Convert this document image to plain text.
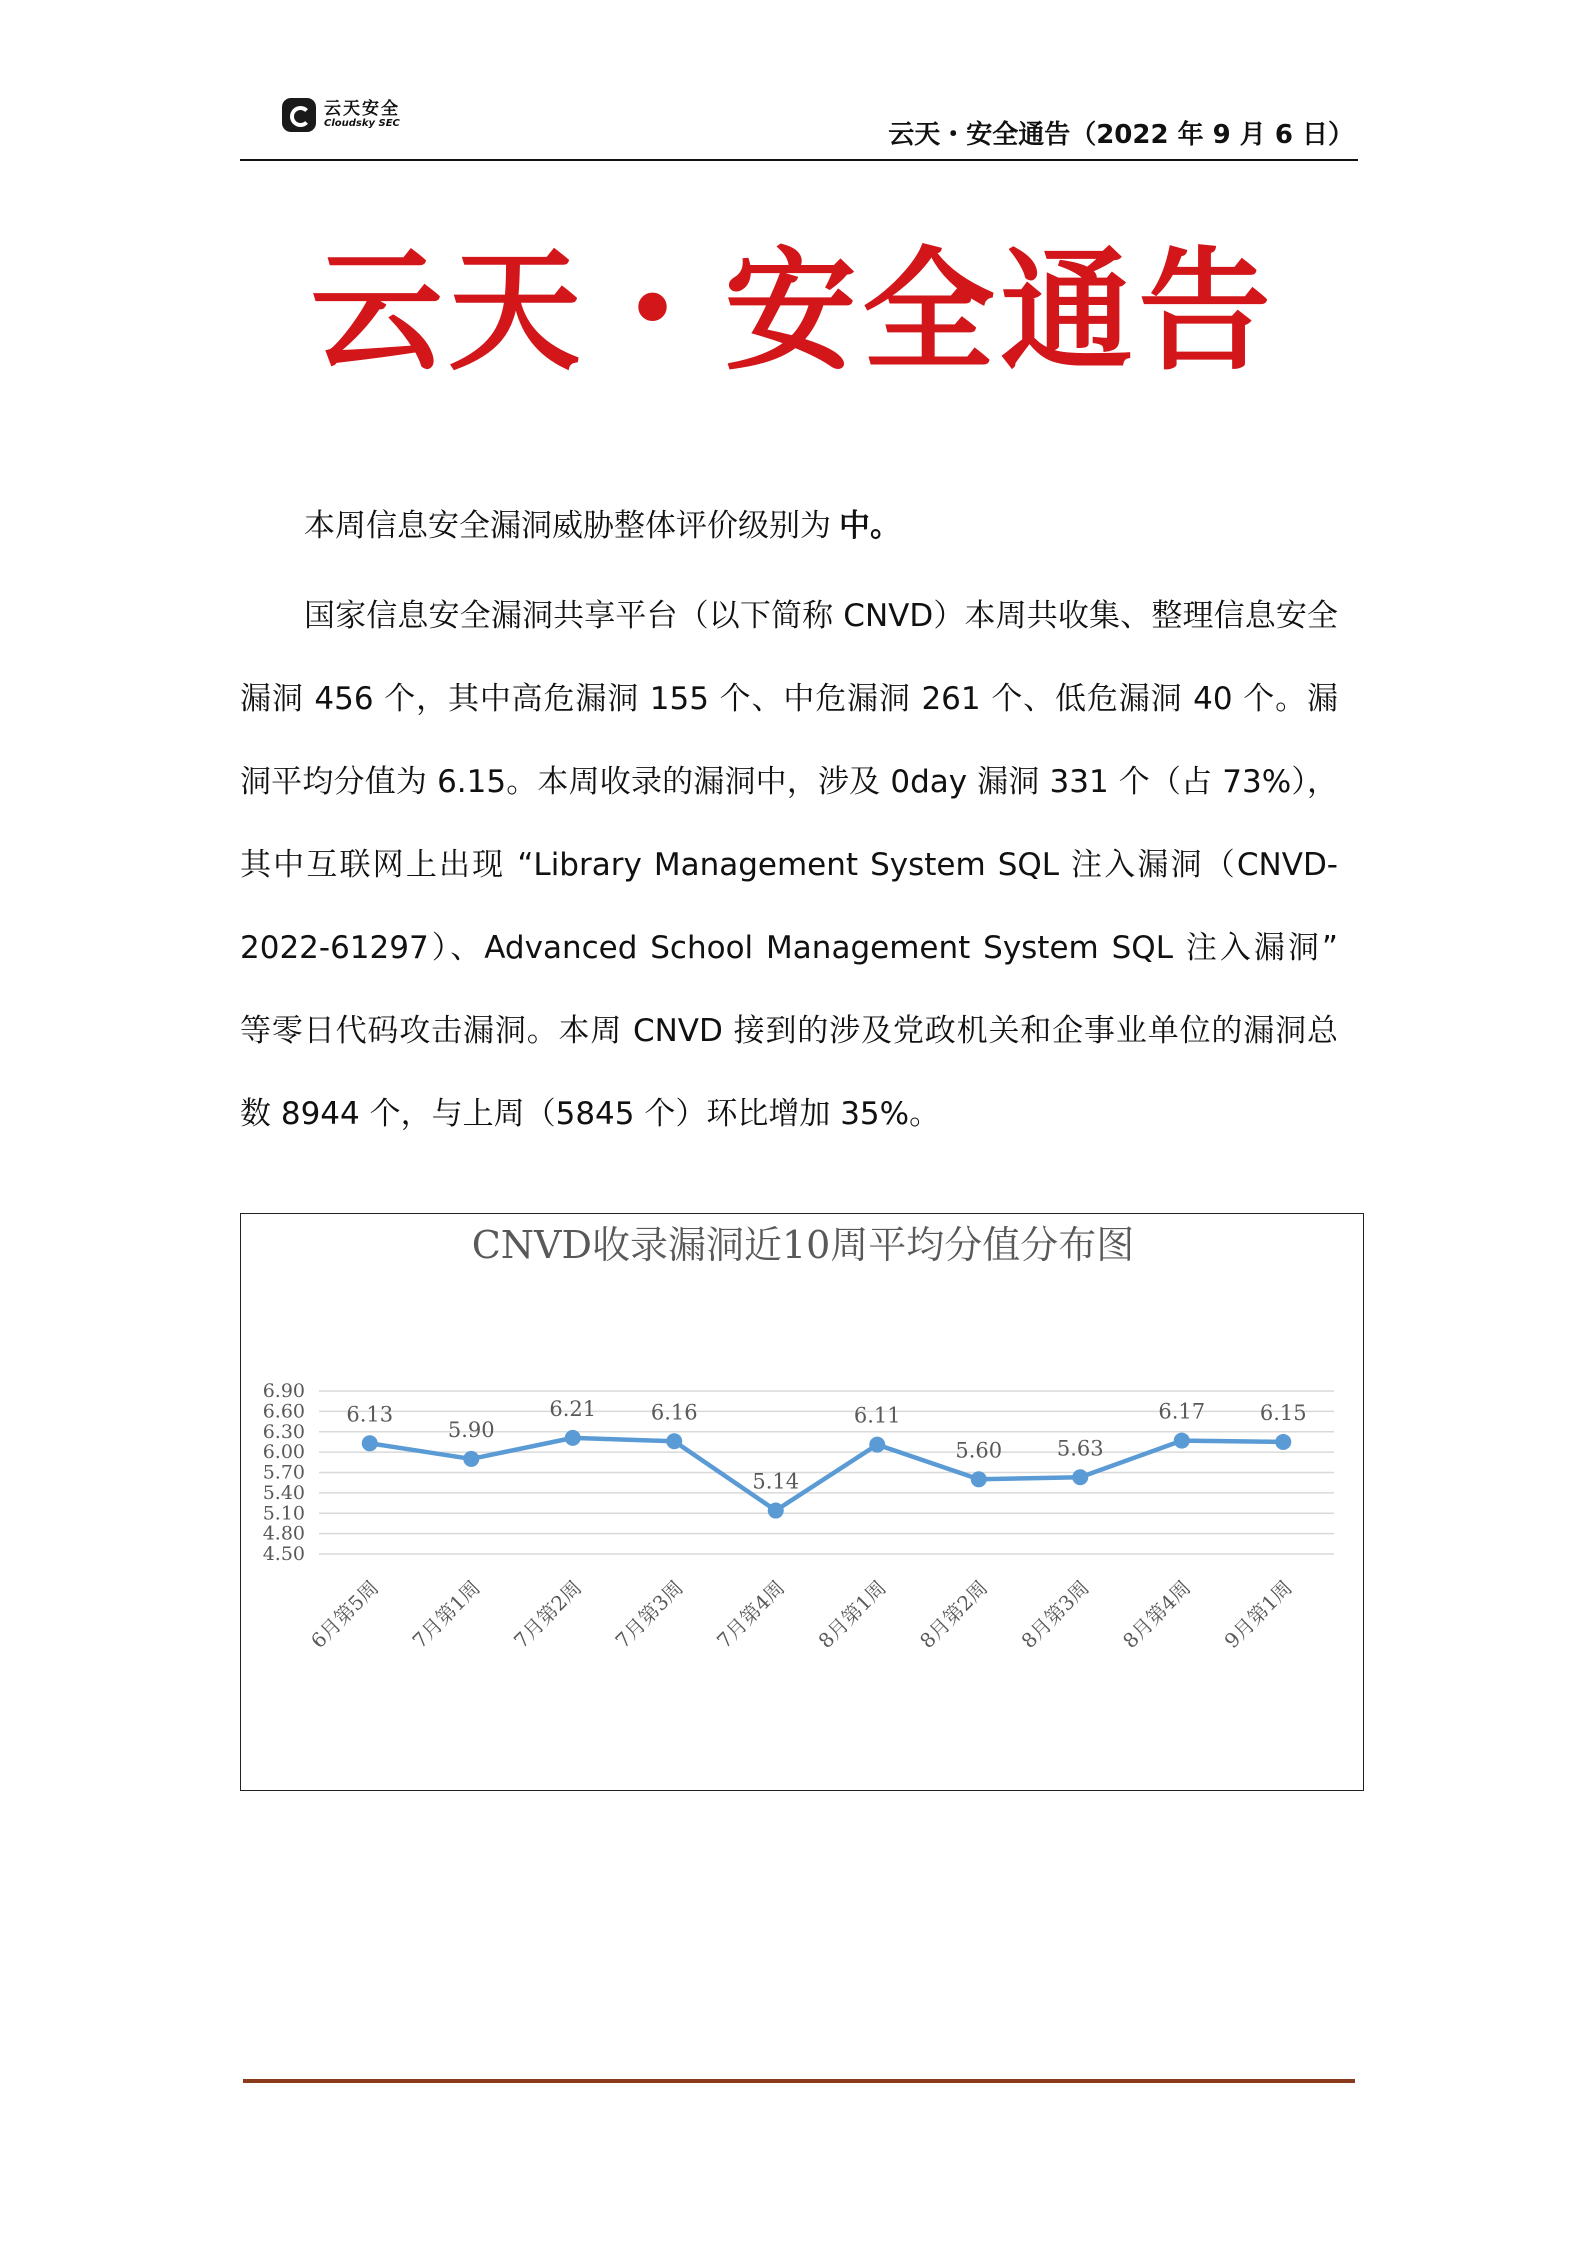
云天安全
Cloudsky SEC	云天・安全通告（2022 年 9 月 6 日）
云天・安全通告
本周信息安全漏洞威胁整体评价级别为 中。
国家信息安全漏洞共享平台（以下简称 CNVD）本周共收集、整理信息安全漏洞 456 个，其中高危漏洞 155 个、中危漏洞 261 个、低危漏洞 40 个。漏洞平均分值为 6.15。本周收录的漏洞中，涉及 0day 漏洞 331 个（占 73%），其中互联网上出现 “Library Management System SQL 注入漏洞（CNVD-2022-61297）、Advanced School Management System SQL 注入漏洞” 等零日代码攻击漏洞。本周 CNVD 接到的涉及党政机关和企事业单位的漏洞总数 8944 个，与上周（5845 个）环比增加 35%。
CNVD收录漏洞近10周平均分值分布图
6.90
6.60
6.30
6.00
5.70
5.40
5.10
4.80
4.50
6.13
5.90
6.21	6.16
5.14
6.11
5.60	5.63
6.17	6.15
6月第5周 7月第1周 7月第2周 7月第3周 7月第4周 8月第1周 8月第2周 8月第3周 8月第4周 9月第1周
